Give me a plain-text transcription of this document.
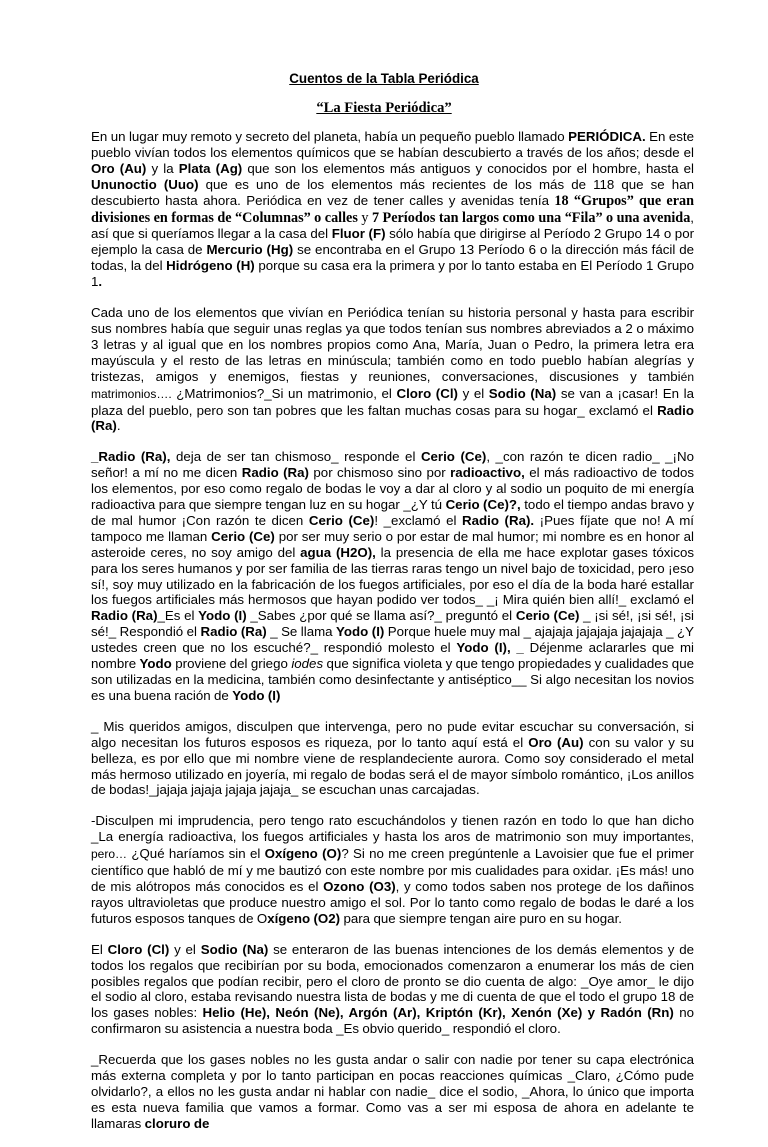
Cuentos de la Tabla Periódica
“La Fiesta Periódica”

En un lugar muy remoto y secreto del planeta, había un pequeño pueblo llamado PERIÓDICA. En este pueblo vivían todos los elementos químicos que se habían descubierto a través de los años; desde el Oro (Au) y la Plata (Ag) que son los elementos más antiguos y conocidos por el hombre, hasta el Ununoctio (Uuo) que es uno de los elementos más recientes de los más de 118 que se han descubierto hasta ahora. Periódica en vez de tener calles y avenidas tenía 18 “Grupos” que eran divisiones en formas de “Columnas” o calles y 7 Períodos tan largos como una “Fila” o una avenida, así que si queríamos llegar a la casa del Fluor (F) sólo había que dirigirse al Período 2 Grupo 14 o por ejemplo la casa de Mercurio (Hg) se encontraba en el Grupo 13 Período 6 o la dirección más fácil de todas, la del Hidrógeno (H) porque su casa era la primera y por lo tanto estaba en El Período 1 Grupo 1.

Cada uno de los elementos que vivían en Periódica tenían su historia personal y hasta para escribir sus nombres había que seguir unas reglas ya que todos tenían sus nombres abreviados a 2 o máximo 3 letras y al igual que en los nombres propios como Ana, María, Juan o Pedro, la primera letra era mayúscula y el resto de las letras en minúscula; también como en todo pueblo habían alegrías y tristezas, amigos y enemigos, fiestas y reuniones, conversaciones, discusiones y también matrimonios…. ¿Matrimonios?_Si un matrimonio, el Cloro (Cl) y el Sodio (Na) se van a ¡casar! En la plaza del pueblo, pero son tan pobres que les faltan muchas cosas para su hogar_ exclamó el Radio (Ra).

_Radio (Ra), deja de ser tan chismoso_ responde el Cerio (Ce), _con razón te dicen radio_ _¡No señor! a mí no me dicen Radio (Ra) por chismoso sino por radioactivo, el más radioactivo de todos los elementos, por eso como regalo de bodas le voy a dar al cloro y al sodio un poquito de mi energía radioactiva para que siempre tengan luz en su hogar _¿Y tú Cerio (Ce)?, todo el tiempo andas bravo y de mal humor ¡Con razón te dicen Cerio (Ce)! _exclamó el Radio (Ra). ¡Pues fíjate que no! A mí tampoco me llaman Cerio (Ce) por ser muy serio o por estar de mal humor; mi nombre es en honor al asteroide ceres, no soy amigo del agua (H2O), la presencia de ella me hace explotar gases tóxicos para los seres humanos y por ser familia de las tierras raras tengo un nivel bajo de toxicidad, pero ¡eso sí!, soy muy utilizado en la fabricación de los fuegos artificiales, por eso el día de la boda haré estallar los fuegos artificiales más hermosos que hayan podido ver todos_ _¡ Mira quién bien allí!_ exclamó el Radio (Ra)_Es el Yodo (I) _Sabes ¿por qué se llama así?_ preguntó el Cerio (Ce) _ ¡si sé!, ¡si sé!, ¡si sé!_ Respondió el Radio (Ra) _ Se llama Yodo (I) Porque huele muy mal _ ajajaja jajajaja jajajaja _ ¿Y ustedes creen que no los escuché?_ respondió molesto el Yodo (I), _ Déjenme aclararles que mi nombre Yodo proviene del griego iodes que significa violeta y que tengo propiedades y cualidades que son utilizadas en la medicina, también como desinfectante y antiséptico__ Si algo necesitan los novios es una buena ración de Yodo (I)

_ Mis queridos amigos, disculpen que intervenga, pero no pude evitar escuchar su conversación, si algo necesitan los futuros esposos es riqueza, por lo tanto aquí está el Oro (Au) con su valor y su belleza, es por ello que mi nombre viene de resplandeciente aurora. Como soy considerado el metal más hermoso utilizado en joyería, mi regalo de bodas será el de mayor símbolo romántico, ¡Los anillos de bodas!_jajaja jajaja jajaja jajaja_ se escuchan unas carcajadas.

-Disculpen mi imprudencia, pero tengo rato escuchándolos y tienen razón en todo lo que han dicho _La energía radioactiva, los fuegos artificiales y hasta los aros de matrimonio son muy importantes, pero… ¿Qué haríamos sin el Oxígeno (O)? Si no me creen pregúntenle a Lavoisier que fue el primer científico que habló de mí y me bautizó con este nombre por mis cualidades para oxidar. ¡Es más! uno de mis alótropos más conocidos es el Ozono (O3), y como todos saben nos protege de los dañinos rayos ultravioletas que produce nuestro amigo el sol. Por lo tanto como regalo de bodas le daré a los futuros esposos tanques de Oxígeno (O2) para que siempre tengan aire puro en su hogar.

El Cloro (Cl) y el Sodio (Na) se enteraron de las buenas intenciones de los demás elementos y de todos los regalos que recibirían por su boda, emocionados comenzaron a enumerar los más de cien posibles regalos que podían recibir, pero el cloro de pronto se dio cuenta de algo: _Oye amor_ le dijo el sodio al cloro, estaba revisando nuestra lista de bodas y me di cuenta de que el todo el grupo 18 de los gases nobles: Helio (He), Neón (Ne), Argón (Ar), Kriptón (Kr), Xenón (Xe) y Radón (Rn) no confirmaron su asistencia a nuestra boda _Es obvio querido_ respondió el cloro.

_Recuerda que los gases nobles no les gusta andar o salir con nadie por tener su capa electrónica más externa completa y por lo tanto participan en pocas reacciones químicas _Claro, ¿Cómo pude olvidarlo?, a ellos no les gusta andar ni hablar con nadie_ dice el sodio, _Ahora, lo único que importa es esta nueva familia que vamos a formar. Como vas a ser mi esposa de ahora en adelante te llamaras cloruro de
